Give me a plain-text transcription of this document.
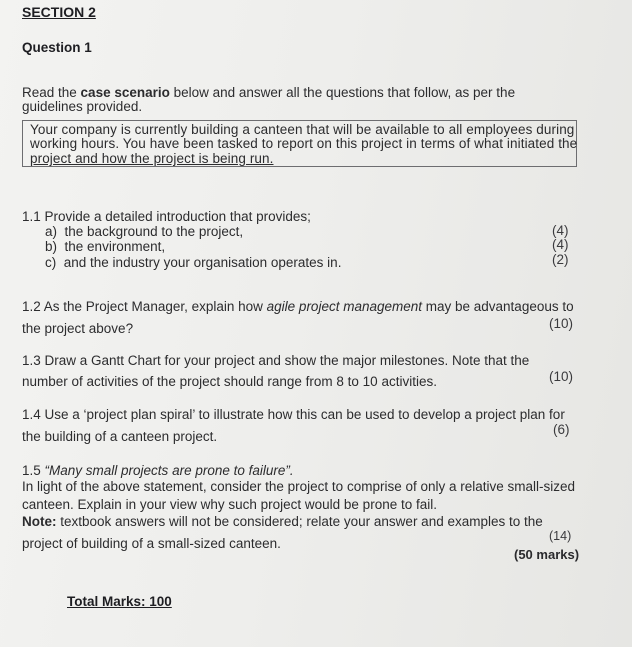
SECTION 2
Question 1
Read the case scenario below and answer all the questions that follow, as per the
guidelines provided.
Your company is currently building a canteen that will be available to all employees during
working hours. You have been tasked to report on this project in terms of what initiated the
project and how the project is being run.
1.1 Provide a detailed introduction that provides;
a) the background to the project,	(4)
b) the environment,	(4)
c) and the industry your organisation operates in.	(2)
1.2 As the Project Manager, explain how agile project management may be advantageous to
the project above?	(10)
1.3 Draw a Gantt Chart for your project and show the major milestones. Note that the
number of activities of the project should range from 8 to 10 activities.	(10)
1.4 Use a ‘project plan spiral’ to illustrate how this can be used to develop a project plan for
the building of a canteen project.	(6)
1.5 “Many small projects are prone to failure”.
In light of the above statement, consider the project to comprise of only a relative small-sized
canteen. Explain in your view why such project would be prone to fail.
Note: textbook answers will not be considered; relate your answer and examples to the
project of building of a small-sized canteen.	(14)
(50 marks)
Total Marks: 100
